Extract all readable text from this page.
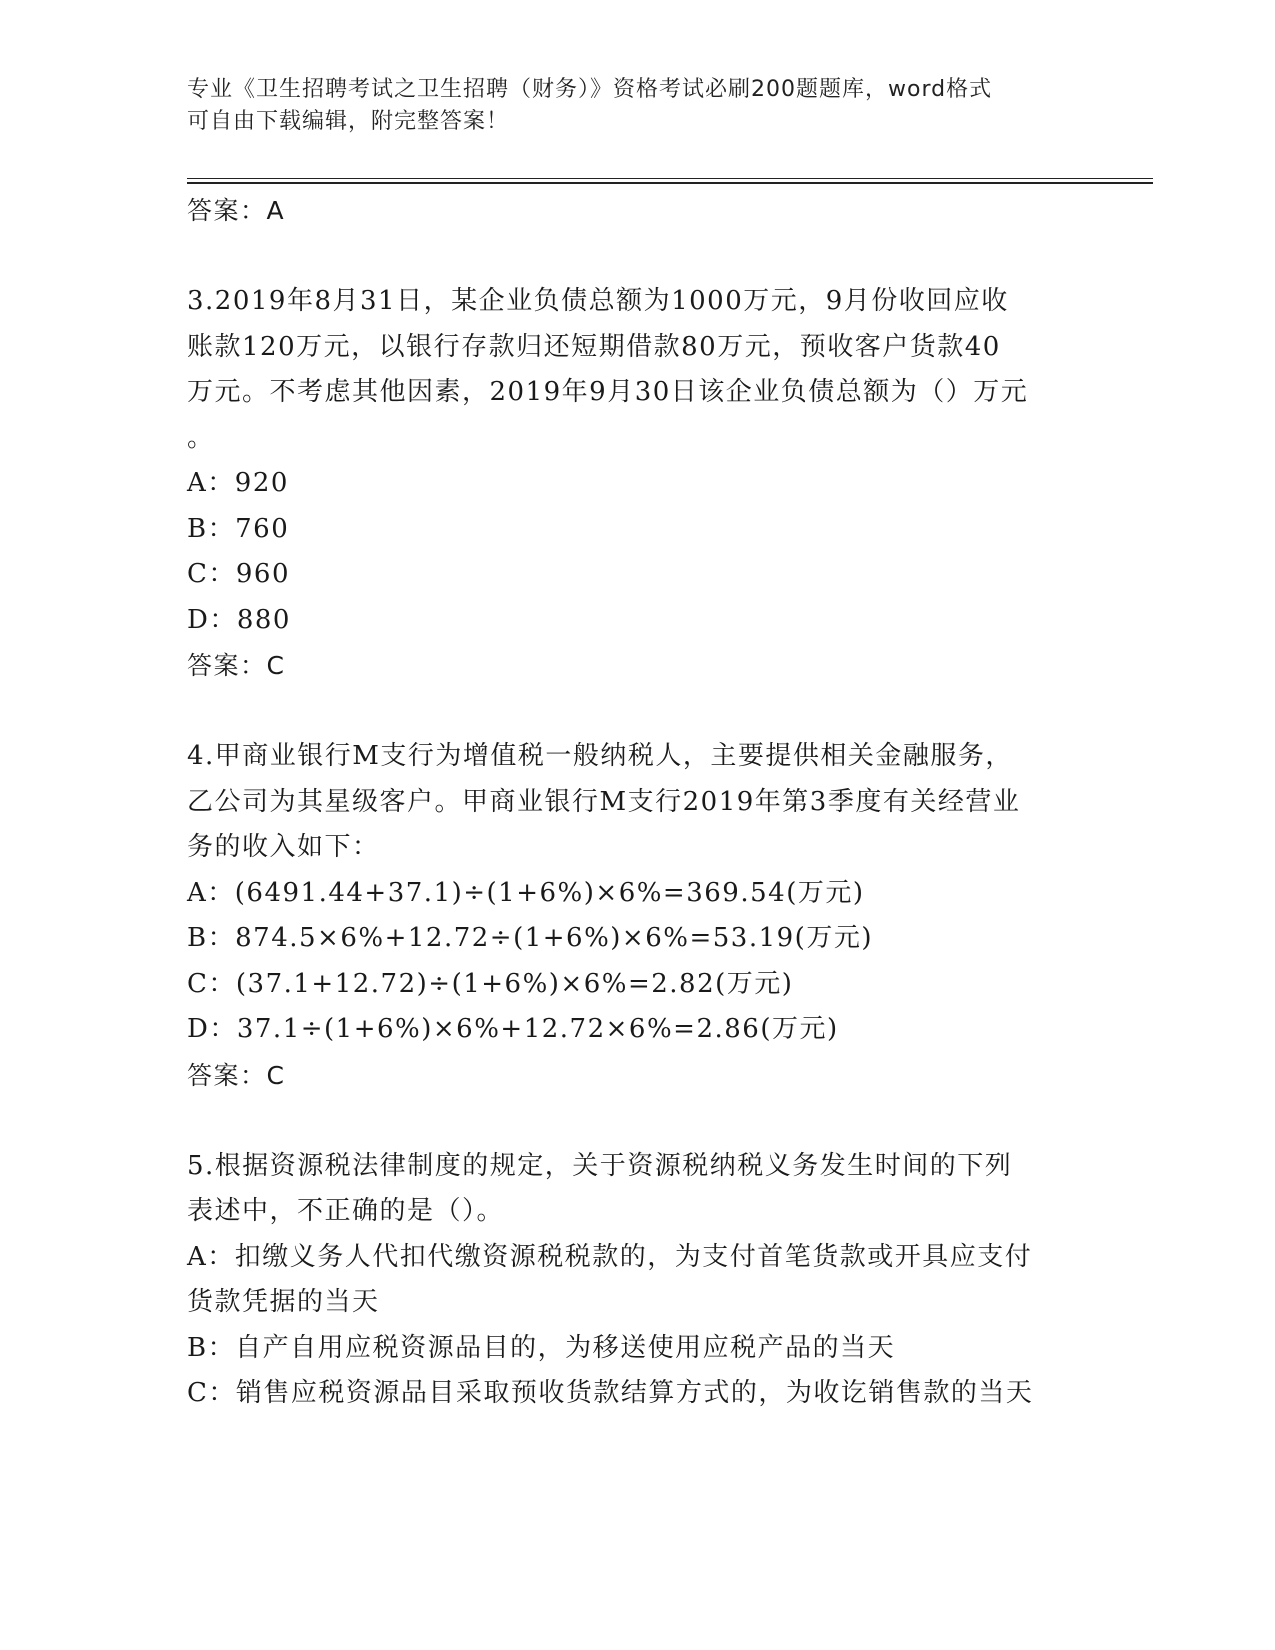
专业《卫生招聘考试之卫生招聘（财务）》资格考试必刷200题题库，word格式
可自由下载编辑，附完整答案！
答案：A
3.2019年8月31日，某企业负债总额为1000万元，9月份收回应收
账款120万元，以银行存款归还短期借款80万元，预收客户货款40
万元。不考虑其他因素，2019年9月30日该企业负债总额为（）万元
。
A：920
B：760
C：960
D：880
答案：C
4.甲商业银行M支行为增值税一般纳税人，主要提供相关金融服务，
乙公司为其星级客户。甲商业银行M支行2019年第3季度有关经营业
务的收入如下：
A：(6491.44+37.1)÷(1+6%)×6%=369.54(万元)
B：874.5×6%+12.72÷(1+6%)×6%=53.19(万元)
C：(37.1+12.72)÷(1+6%)×6%=2.82(万元)
D：37.1÷(1+6%)×6%+12.72×6%=2.86(万元)
答案：C
5.根据资源税法律制度的规定，关于资源税纳税义务发生时间的下列
表述中，不正确的是（）。
A：扣缴义务人代扣代缴资源税税款的，为支付首笔货款或开具应支付
货款凭据的当天
B：自产自用应税资源品目的，为移送使用应税产品的当天
C：销售应税资源品目采取预收货款结算方式的，为收讫销售款的当天
